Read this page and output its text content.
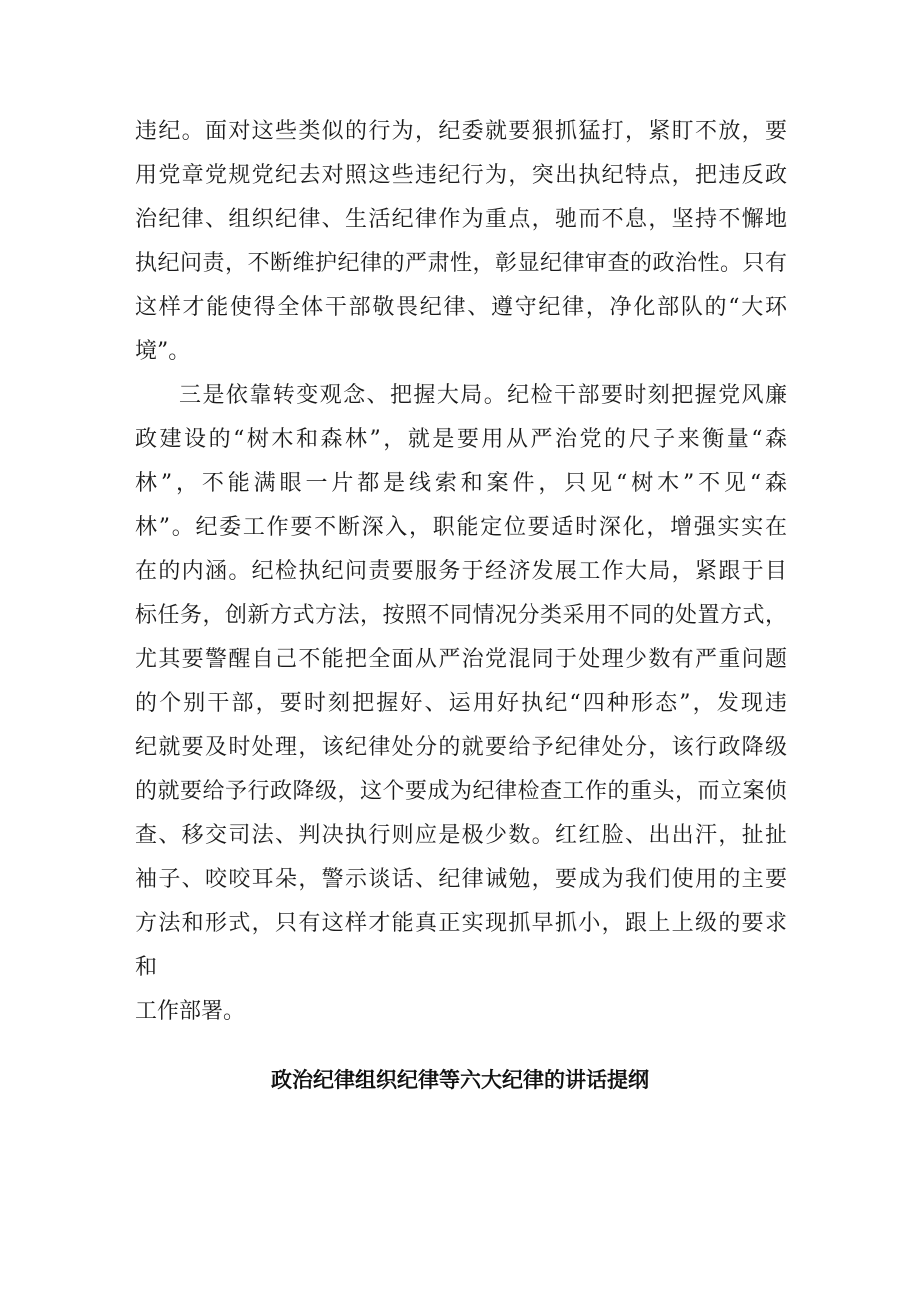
违纪。面对这些类似的行为，纪委就要狠抓猛打，紧盯不放，要
用党章党规党纪去对照这些违纪行为，突出执纪特点，把违反政
治纪律、组织纪律、生活纪律作为重点，驰而不息，坚持不懈地
执纪问责，不断维护纪律的严肃性，彰显纪律审查的政治性。只有
这样才能使得全体干部敬畏纪律、遵守纪律，净化部队的“大环
境”。
三是依靠转变观念、把握大局。纪检干部要时刻把握党风廉
政建设的“树木和森林”，就是要用从严治党的尺子来衡量“森
林”，不能满眼一片都是线索和案件，只见“树木”不见“森
林”。纪委工作要不断深入，职能定位要适时深化，增强实实在
在的内涵。纪检执纪问责要服务于经济发展工作大局，紧跟于目
标任务，创新方式方法，按照不同情况分类采用不同的处置方式，
尤其要警醒自己不能把全面从严治党混同于处理少数有严重问题
的个别干部，要时刻把握好、运用好执纪“四种形态”，发现违
纪就要及时处理，该纪律处分的就要给予纪律处分，该行政降级
的就要给予行政降级，这个要成为纪律检查工作的重头，而立案侦
查、移交司法、判决执行则应是极少数。红红脸、出出汗，扯扯
袖子、咬咬耳朵，警示谈话、纪律诫勉，要成为我们使用的主要
方法和形式，只有这样才能真正实现抓早抓小，跟上上级的要求
和
工作部署。
政治纪律组织纪律等六大纪律的讲话提纲
